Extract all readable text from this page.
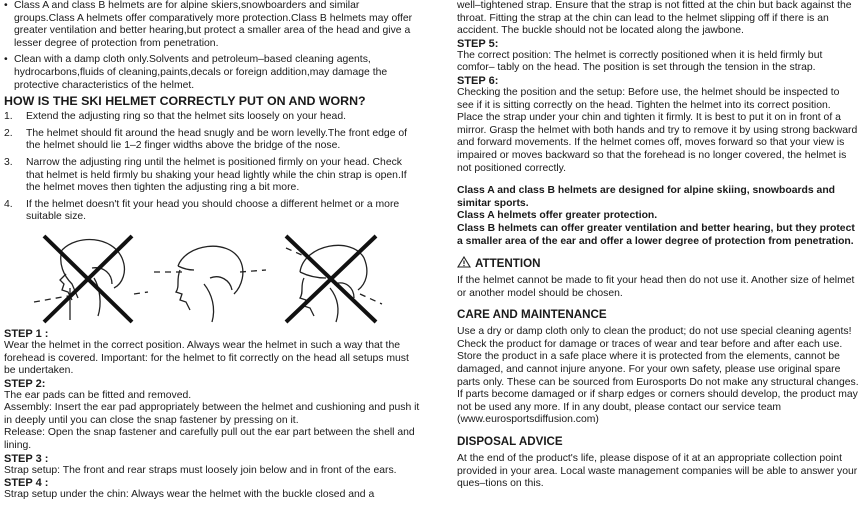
• Class A and class B helmets are for alpine skiers,snowboarders and similar groups.Class A helmets offer comparatively more protection.Class B helmets may offer greater ventilation and better hearing,but protect a smaller area of the head and give a lesser degree of protection from penetration.

• Clean with a damp cloth only.Solvents and petroleum–based cleaning agents, hydrocarbons,fluids of cleaning,paints,decals or foreign addition,may damage the protective characteristics of the helmet.

HOW IS THE SKI HELMET CORRECTLY PUT ON AND WORN?
1. Extend the adjusting ring so that the helmet sits loosely on your head.
2. The helmet should fit around the head snugly and be worn levelly.The front edge of the helmet should lie 1–2 finger widths above the bridge of the nose.
3. Narrow the adjusting ring until the helmet is positioned firmly on your head. Check that helmet is held firmly bu shaking your head lightly while the chin strap is open.If the helmet moves then tighten the adjusting ring a bit more.
4. If the helmet doesn't fit your head you should choose a different helmet or a more suitable size.

STEP 1 :

Wear the helmet in the correct position. Always wear the helmet in such a way that the forehead is covered. Important: for the helmet to fit correctly on the head all setups must be undertaken.

STEP 2:

The ear pads can be fitted and removed.

Assembly: Insert the ear pad appropriately between the helmet and cushioning and push it in deeply until you can close the snap fastener by pressing on it.

Release: Open the snap fastener and carefully pull out the ear part between the shell and lining.

STEP 3 :

Strap setup: The front and rear straps must loosely join below and in front of the ears.

STEP 4 :

Strap setup under the chin: Always wear the helmet with the buckle closed and a

well–tightened strap. Ensure that the strap is not fitted at the chin but back against the throat. Fitting the strap at the chin can lead to the helmet slipping off if there is an accident. The buckle should not be located along the jawbone.

STEP 5:

The correct position: The helmet is correctly positioned when it is held firmly but comfor– tably on the head. The position is set through the tension in the strap.

STEP 6:

Checking the position and the setup: Before use, the helmet should be inspected to see if it is sitting correctly on the head. Tighten the helmet into its correct position. Place the strap under your chin and tighten it firmly. It is best to put it on in front of a mirror. Grasp the helmet with both hands and try to remove it by using strong backward and forward movements. If the helmet comes off, moves forward so that your view is impaired or moves backward so that the forehead is no longer covered, the helmet is not positioned correctly.

Class A and class B helmets are designed for alpine skiing, snowboards and simitar sports.

Class A helmets offer greater protection.

Class B helmets can offer greater ventilation and better hearing, but they protect a smaller area of the ear and offer a lower degree of protection from penetration.

ATTENTION

If the helmet cannot be made to fit your head then do not use it. Another size of helmet or another model should be chosen.

CARE AND MAINTENANCE

Use a dry or damp cloth only to clean the product; do not use special cleaning agents! Check the product for damage or traces of wear and tear before and after each use. Store the product in a safe place where it is protected from the elements, cannot be damaged, and cannot injure anyone. For your own safety, please use original spare parts only. These can be sourced from Eurosports Do not make any structural changes. If parts become damaged or if sharp edges or corners should develop, the product may not be used any more. If in any doubt, please contact our service team (www.eurosportsdiffusion.com)

DISPOSAL ADVICE

At the end of the product's life, please dispose of it at an appropriate collection point provided in your area. Local waste management companies will be able to answer your ques–tions on this.
